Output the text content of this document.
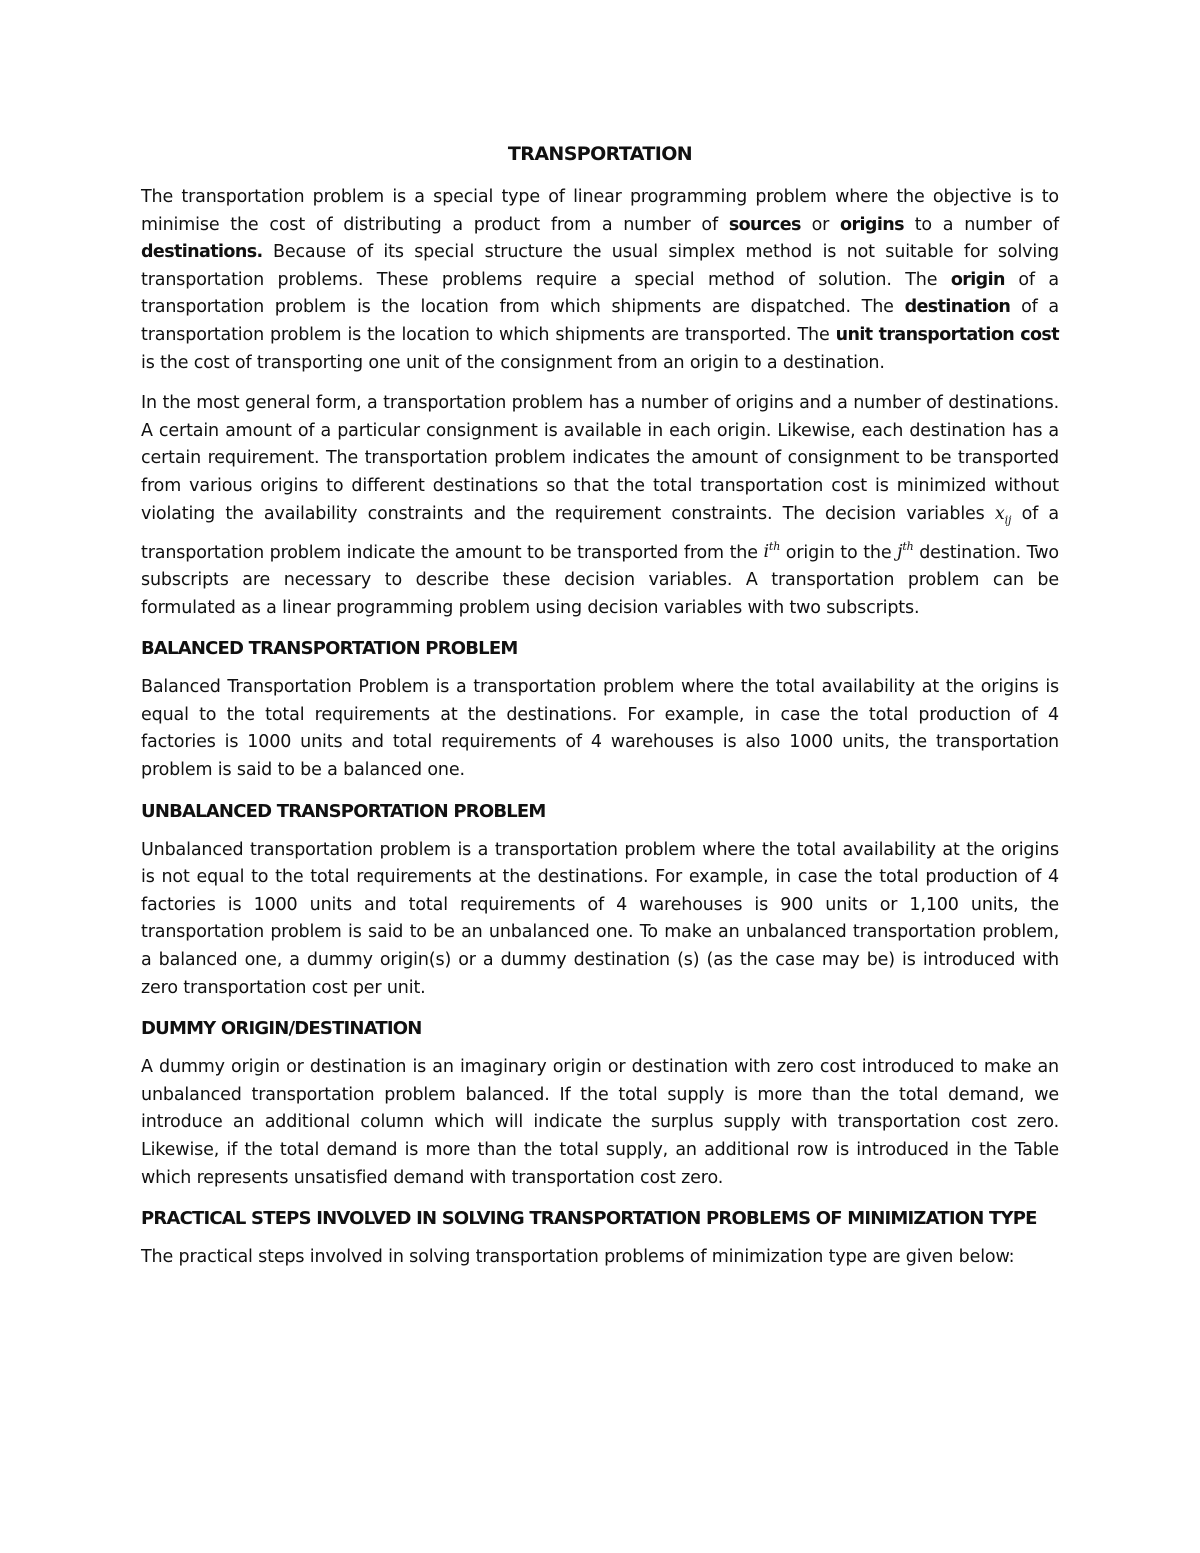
TRANSPORTATION

The transportation problem is a special type of linear programming problem where the objective is to minimise the cost of distributing a product from a number of sources or origins to a number of destinations. Because of its special structure the usual simplex method is not suitable for solving transportation problems. These problems require a special method of solution. The origin of a transportation problem is the location from which shipments are dispatched. The destination of a transportation problem is the location to which shipments are transported. The unit transportation cost is the cost of transporting one unit of the consignment from an origin to a destination.

In the most general form, a transportation problem has a number of origins and a number of destinations. A certain amount of a particular consignment is available in each origin. Likewise, each destination has a certain requirement. The transportation problem indicates the amount of consignment to be transported from various origins to different destinations so that the total transportation cost is minimized without violating the availability constraints and the requirement constraints. The decision variables $x_{ij}$ of a transportation problem indicate the amount to be transported from the $i^{th}$ origin to the $j^{th}$ destination. Two subscripts are necessary to describe these decision variables. A transportation problem can be formulated as a linear programming problem using decision variables with two subscripts.

BALANCED TRANSPORTATION PROBLEM

Balanced Transportation Problem is a transportation problem where the total availability at the origins is equal to the total requirements at the destinations. For example, in case the total production of 4 factories is 1000 units and total requirements of 4 warehouses is also 1000 units, the transportation problem is said to be a balanced one.

UNBALANCED TRANSPORTATION PROBLEM

Unbalanced transportation problem is a transportation problem where the total availability at the origins is not equal to the total requirements at the destinations. For example, in case the total production of 4 factories is 1000 units and total requirements of 4 warehouses is 900 units or 1,100 units, the transportation problem is said to be an unbalanced one. To make an unbalanced transportation problem, a balanced one, a dummy origin(s) or a dummy destination (s) (as the case may be) is introduced with zero transportation cost per unit.

DUMMY ORIGIN/DESTINATION

A dummy origin or destination is an imaginary origin or destination with zero cost introduced to make an unbalanced transportation problem balanced. If the total supply is more than the total demand, we introduce an additional column which will indicate the surplus supply with transportation cost zero. Likewise, if the total demand is more than the total supply, an additional row is introduced in the Table which represents unsatisfied demand with transportation cost zero.

PRACTICAL STEPS INVOLVED IN SOLVING TRANSPORTATION PROBLEMS OF MINIMIZATION TYPE

The practical steps involved in solving transportation problems of minimization type are given below:
